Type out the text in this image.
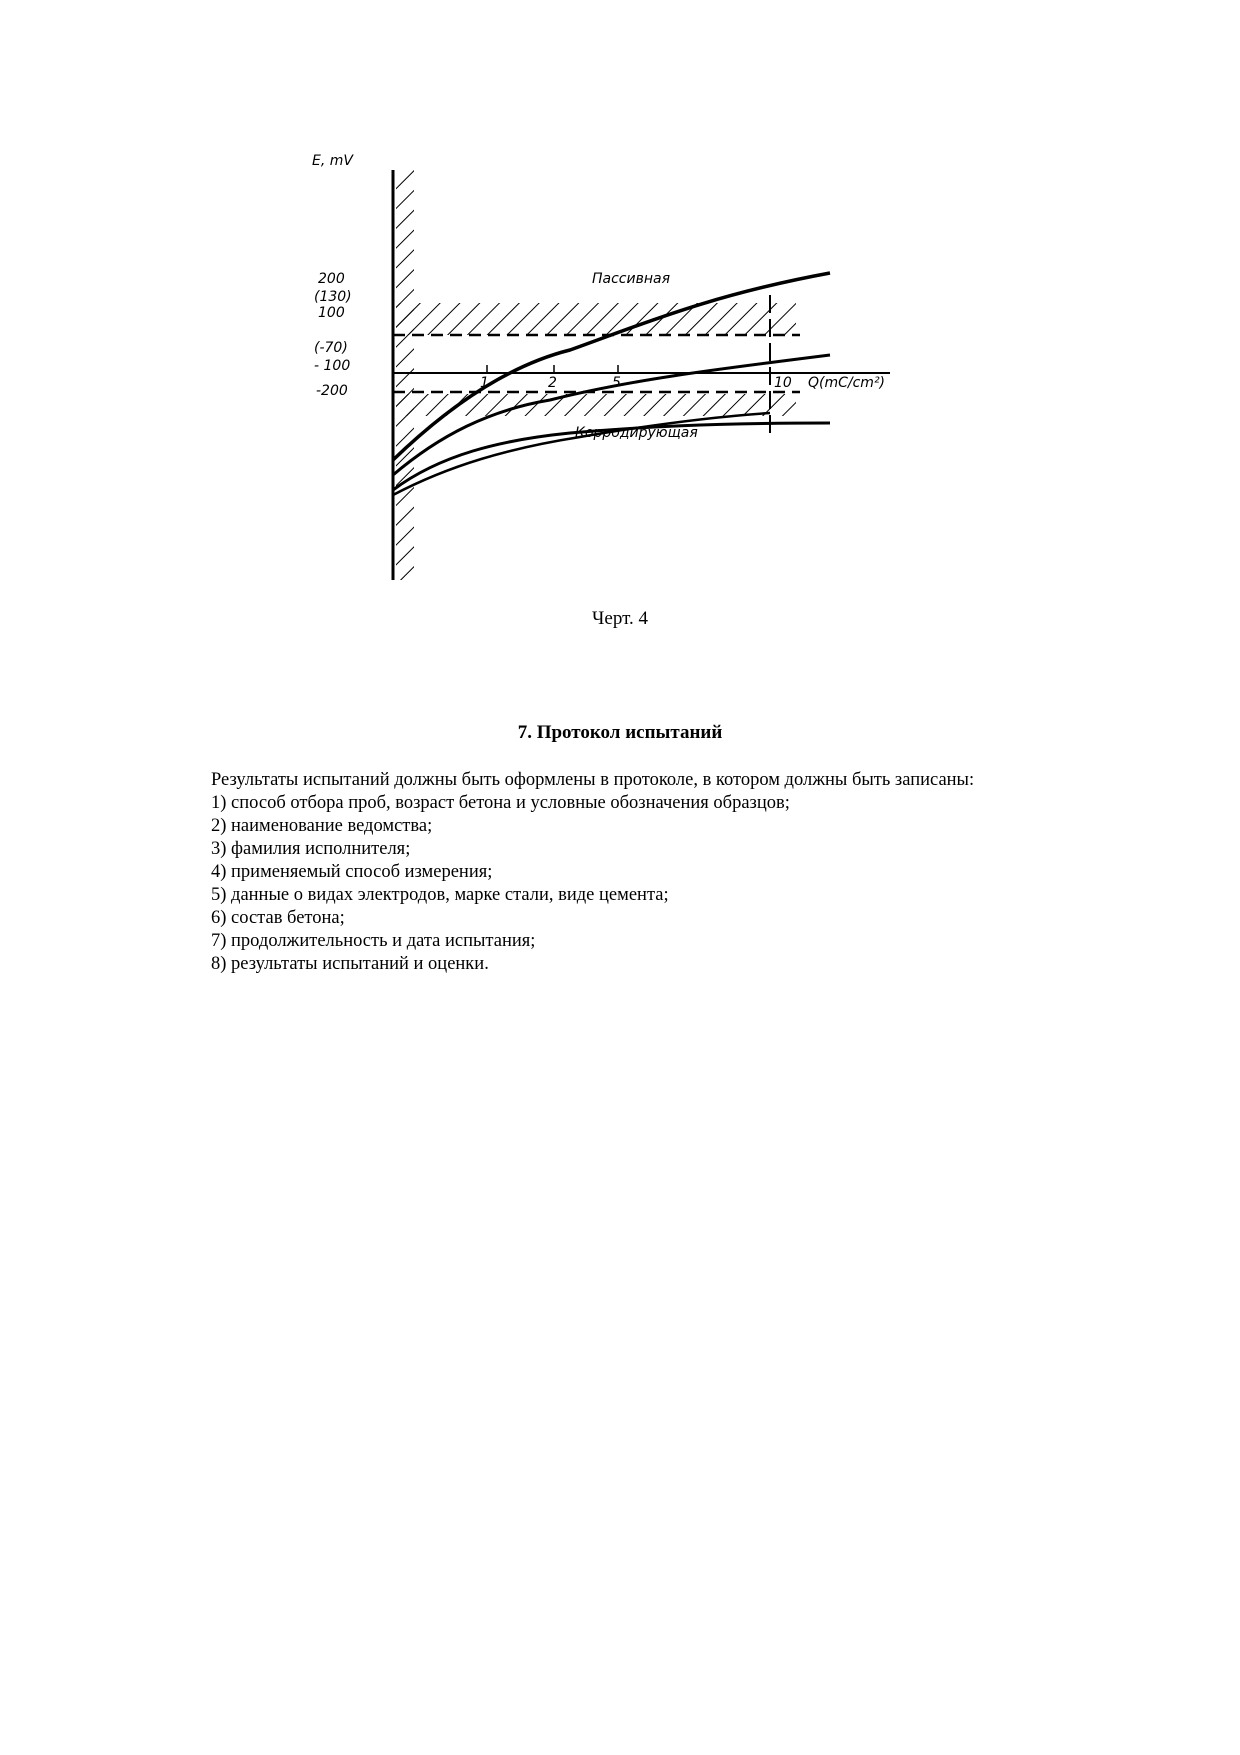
E, mV
200
(130)
100
(-70)
- 100
-200	1	2	5	10 Q(mC/cm²)
Пассивная
Корродирующая
Черт. 4
7. Протокол испытаний

Результаты испытаний должны быть оформлены в протоколе, в котором должны быть записаны:

1) способ отбора проб, возраст бетона и условные обозначения образцов;
2) наименование ведомства;
3) фамилия исполнителя;
4) применяемый способ измерения;
5) данные о видах электродов, марке стали, виде цемента;
6) состав бетона;
7) продолжительность и дата испытания;
8) результаты испытаний и оценки.
